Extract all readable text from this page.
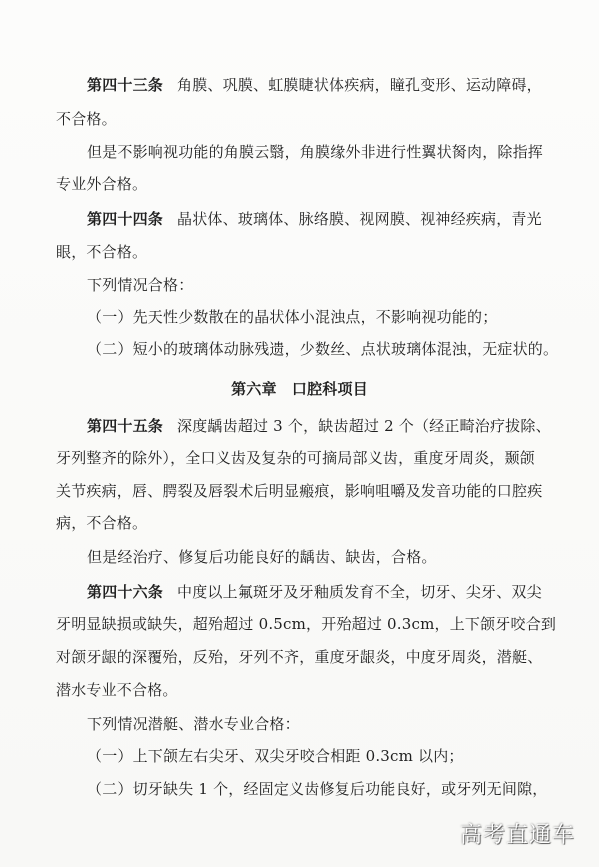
第四十三条 角膜、巩膜、虹膜睫状体疾病，瞳孔变形、运动障碍，
不合格。
但是不影响视功能的角膜云翳，角膜缘外非进行性翼状胬肉，除指挥
专业外合格。
第四十四条 晶状体、玻璃体、脉络膜、视网膜、视神经疾病，青光
眼，不合格。
下列情况合格：
（一）先天性少数散在的晶状体小混浊点，不影响视功能的；
（二）短小的玻璃体动脉残遗，少数丝、点状玻璃体混浊，无症状的。
第六章　口腔科项目
第四十五条 深度龋齿超过 3 个，缺齿超过 2 个（经正畸治疗拔除、
牙列整齐的除外），全口义齿及复杂的可摘局部义齿，重度牙周炎，颞颌
关节疾病，唇、腭裂及唇裂术后明显瘢痕，影响咀嚼及发音功能的口腔疾
病，不合格。
但是经治疗、修复后功能良好的龋齿、缺齿，合格。
第四十六条 中度以上氟斑牙及牙釉质发育不全，切牙、尖牙、双尖
牙明显缺损或缺失，超殆超过 0.5cm，开殆超过 0.3cm，上下颌牙咬合到
对颌牙龈的深覆殆，反殆，牙列不齐，重度牙龈炎，中度牙周炎，潜艇、
潜水专业不合格。
下列情况潜艇、潜水专业合格：
（一）上下颌左右尖牙、双尖牙咬合相距 0.3cm 以内；
（二）切牙缺失 1 个，经固定义齿修复后功能良好，或牙列无间隙，
高考直通车
